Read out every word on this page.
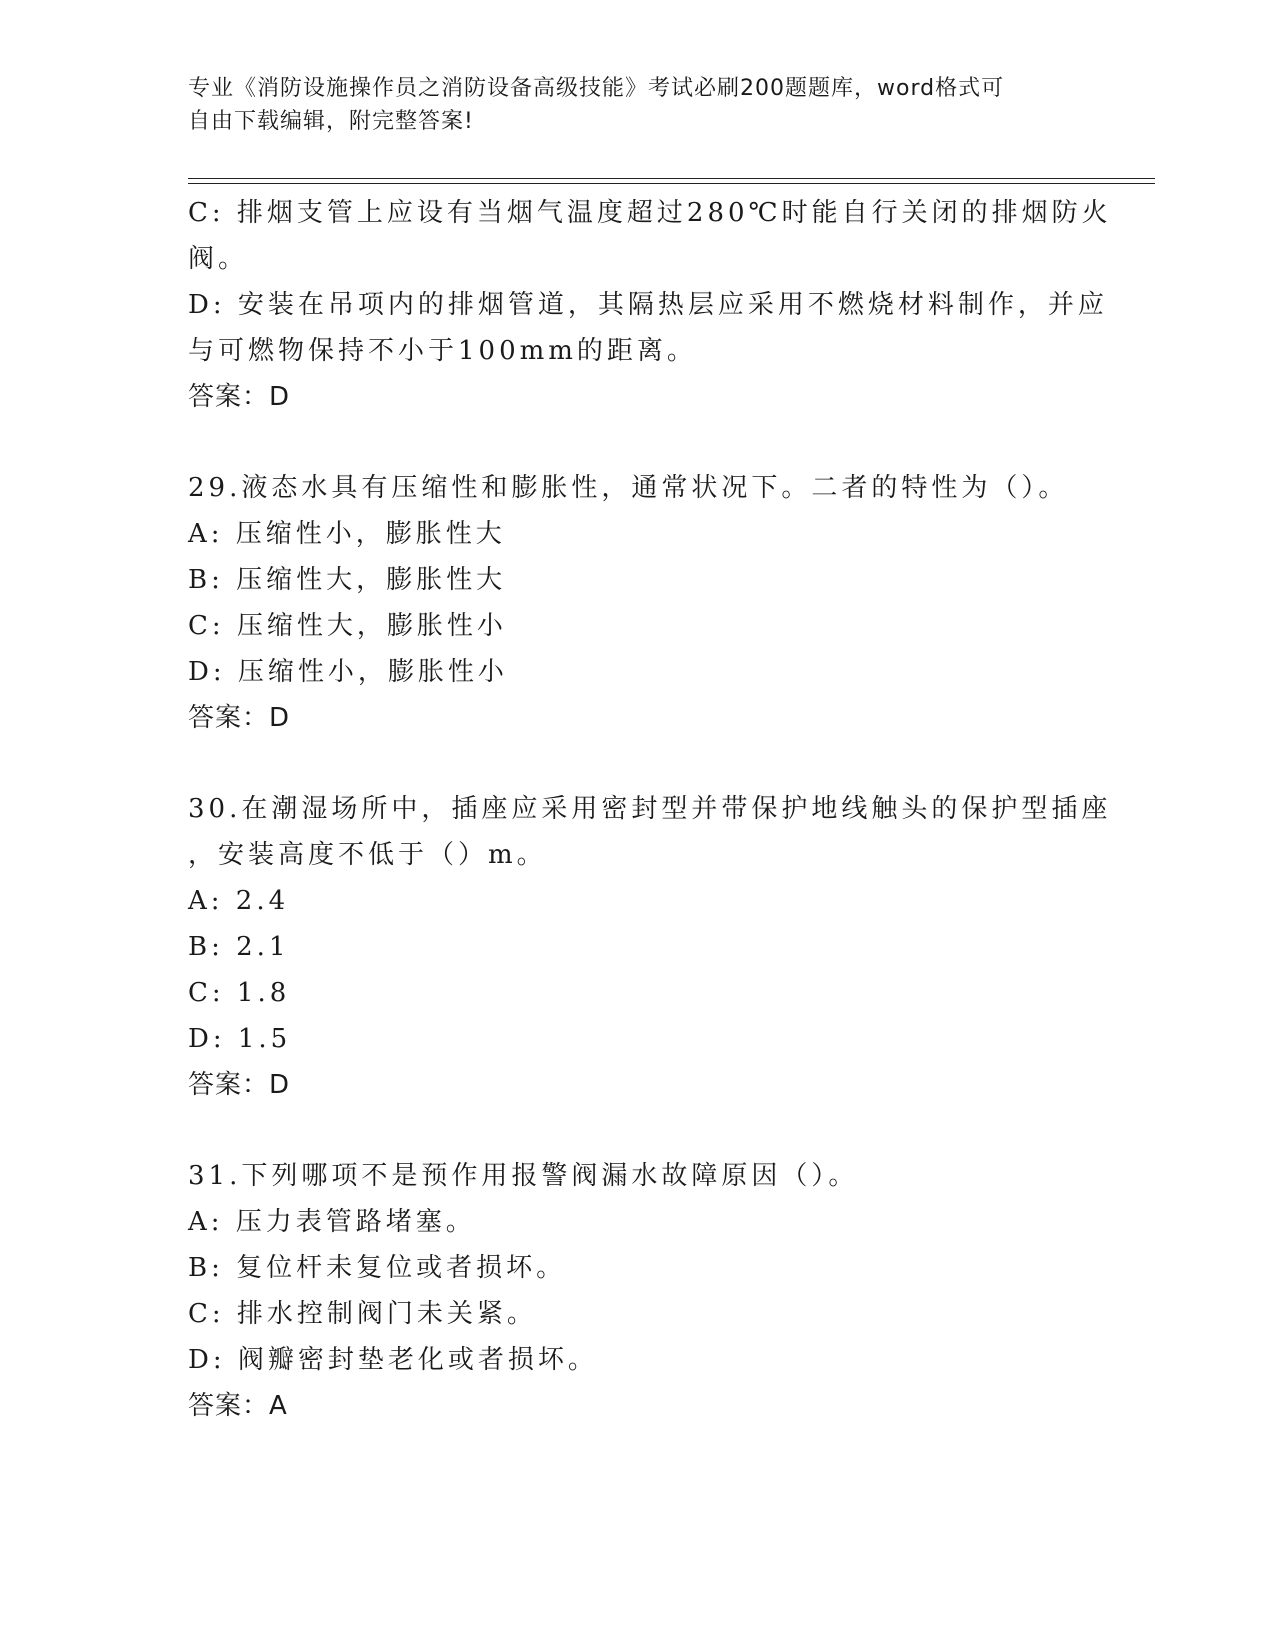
专业《消防设施操作员之消防设备高级技能》考试必刷200题题库，word格式可
自由下载编辑，附完整答案!
C: 排烟支管上应设有当烟气温度超过280℃时能自行关闭的排烟防火
阀。
D: 安装在吊项内的排烟管道，其隔热层应采用不燃烧材料制作，并应
与可燃物保持不小于100mm的距离。
答案：D
29.液态水具有压缩性和膨胀性，通常状况下。二者的特性为（）。
A: 压缩性小，膨胀性大
B: 压缩性大，膨胀性大
C: 压缩性大，膨胀性小
D: 压缩性小，膨胀性小
答案：D
30.在潮湿场所中，插座应采用密封型并带保护地线触头的保护型插座
，安装高度不低于（）m。
A: 2.4
B: 2.1
C: 1.8
D: 1.5
答案：D
31.下列哪项不是预作用报警阀漏水故障原因（）。
A: 压力表管路堵塞。
B: 复位杆未复位或者损坏。
C: 排水控制阀门未关紧。
D: 阀瓣密封垫老化或者损坏。
答案：A
